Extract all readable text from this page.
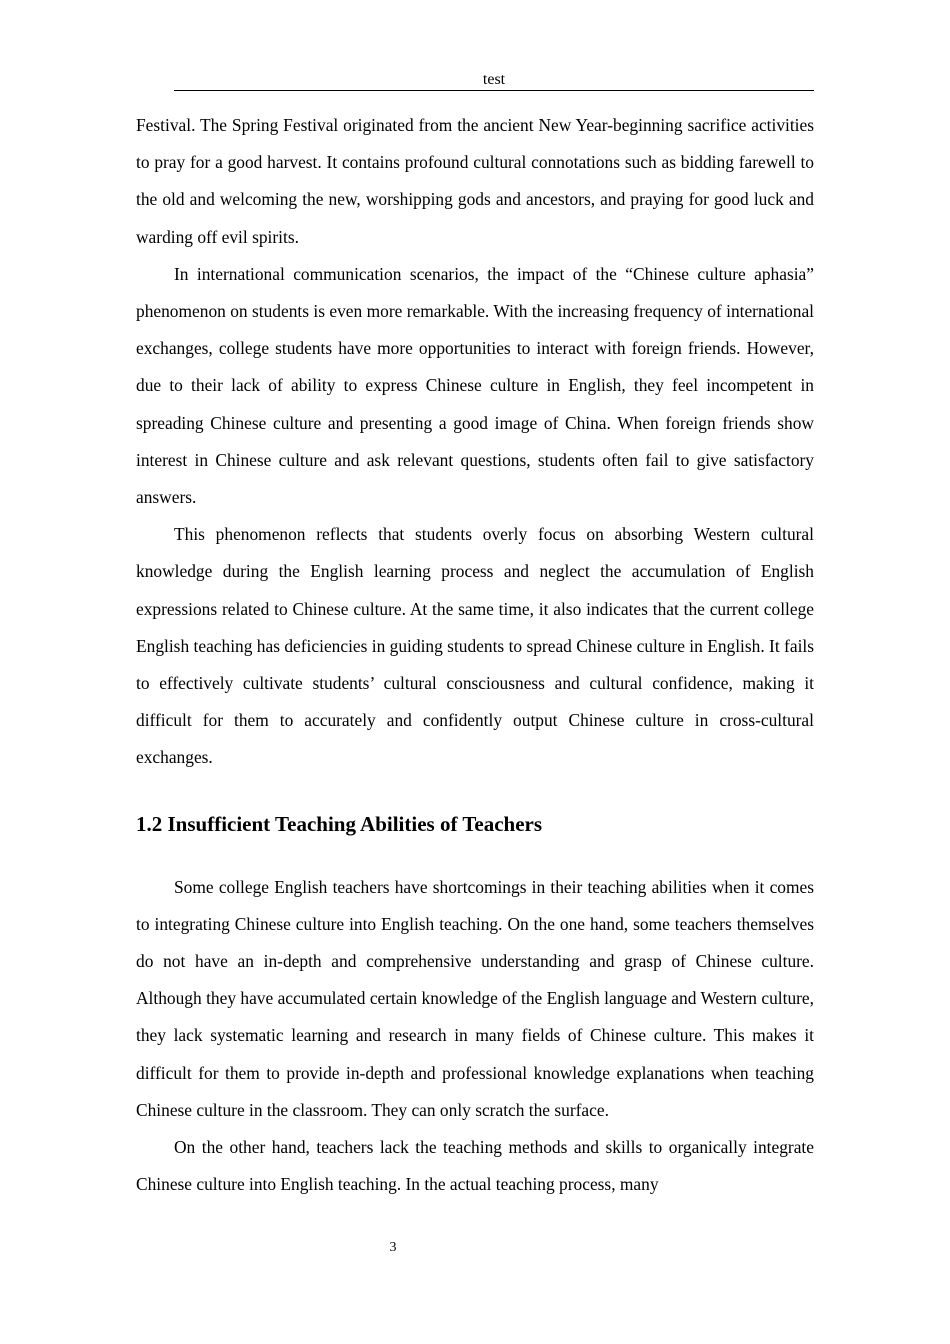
test

Festival. The Spring Festival originated from the ancient New Year-beginning sacrifice activities to pray for a good harvest. It contains profound cultural connotations such as bidding farewell to the old and welcoming the new, worshipping gods and ancestors, and praying for good luck and warding off evil spirits.

In international communication scenarios, the impact of the “Chinese culture aphasia” phenomenon on students is even more remarkable. With the increasing frequency of international exchanges, college students have more opportunities to interact with foreign friends. However, due to their lack of ability to express Chinese culture in English, they feel incompetent in spreading Chinese culture and presenting a good image of China. When foreign friends show interest in Chinese culture and ask relevant questions, students often fail to give satisfactory answers.

This phenomenon reflects that students overly focus on absorbing Western cultural knowledge during the English learning process and neglect the accumulation of English expressions related to Chinese culture. At the same time, it also indicates that the current college English teaching has deficiencies in guiding students to spread Chinese culture in English. It fails to effectively cultivate students’ cultural consciousness and cultural confidence, making it difficult for them to accurately and confidently output Chinese culture in cross-cultural exchanges.

1.2 Insufficient Teaching Abilities of Teachers

Some college English teachers have shortcomings in their teaching abilities when it comes to integrating Chinese culture into English teaching. On the one hand, some teachers themselves do not have an in-depth and comprehensive understanding and grasp of Chinese culture. Although they have accumulated certain knowledge of the English language and Western culture, they lack systematic learning and research in many fields of Chinese culture. This makes it difficult for them to provide in-depth and professional knowledge explanations when teaching Chinese culture in the classroom. They can only scratch the surface.

On the other hand, teachers lack the teaching methods and skills to organically integrate Chinese culture into English teaching. In the actual teaching process, many

3
